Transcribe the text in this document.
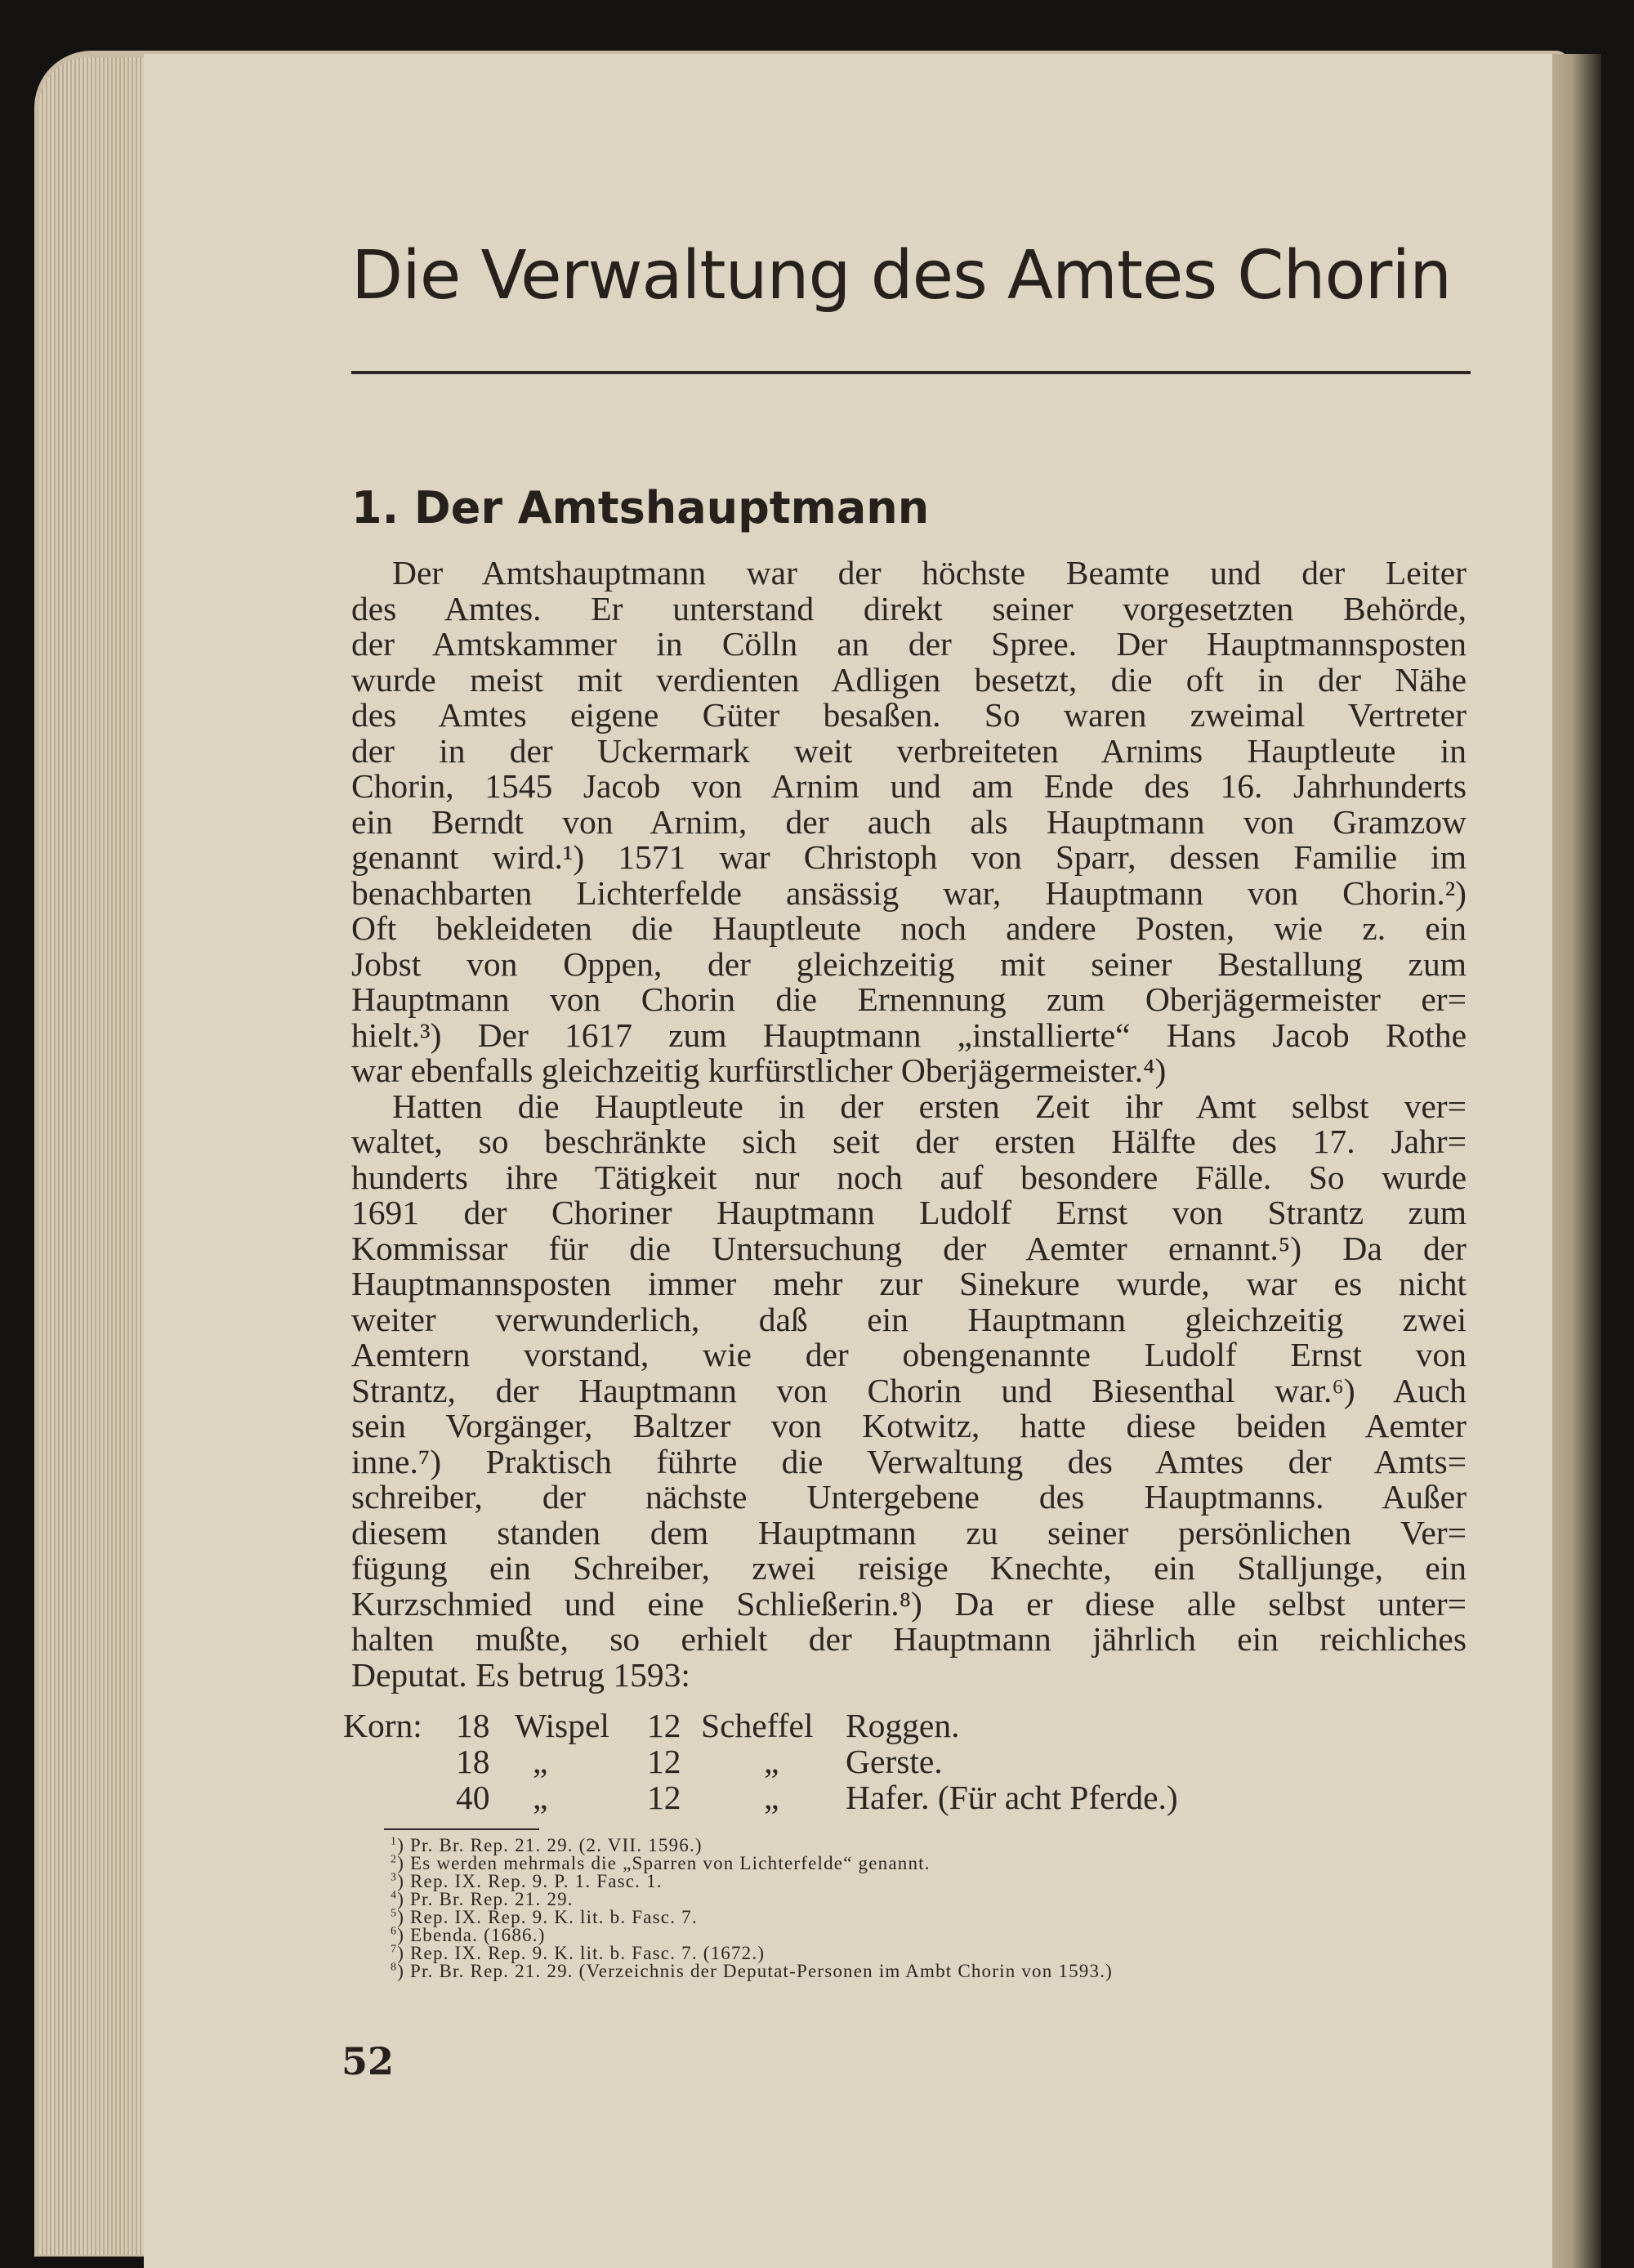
Die Verwaltung des Amtes Chorin
1. Der Amtshauptmann
Der Amtshauptmann war der höchste Beamte und der Leiter
des Amtes. Er unterstand direkt seiner vorgesetzten Behörde,
der Amtskammer in Cölln an der Spree. Der Hauptmannsposten
wurde meist mit verdienten Adligen besetzt, die oft in der Nähe
des Amtes eigene Güter besaßen. So waren zweimal Vertreter
der in der Uckermark weit verbreiteten Arnims Hauptleute in
Chorin, 1545 Jacob von Arnim und am Ende des 16. Jahrhunderts
ein Berndt von Arnim, der auch als Hauptmann von Gramzow
genannt wird.¹) 1571 war Christoph von Sparr, dessen Familie im
benachbarten Lichterfelde ansässig war, Hauptmann von Chorin.²)
Oft bekleideten die Hauptleute noch andere Posten, wie z. ein
Jobst von Oppen, der gleichzeitig mit seiner Bestallung zum
Hauptmann von Chorin die Ernennung zum Oberjägermeister er=
hielt.³) Der 1617 zum Hauptmann „installierte“ Hans Jacob Rothe
war ebenfalls gleichzeitig kurfürstlicher Oberjägermeister.⁴)
Hatten die Hauptleute in der ersten Zeit ihr Amt selbst ver=
waltet, so beschränkte sich seit der ersten Hälfte des 17. Jahr=
hunderts ihre Tätigkeit nur noch auf besondere Fälle. So wurde
1691 der Choriner Hauptmann Ludolf Ernst von Strantz zum
Kommissar für die Untersuchung der Aemter ernannt.⁵) Da der
Hauptmannsposten immer mehr zur Sinekure wurde, war es nicht
weiter verwunderlich, daß ein Hauptmann gleichzeitig zwei
Aemtern vorstand, wie der obengenannte Ludolf Ernst von
Strantz, der Hauptmann von Chorin und Biesenthal war.⁶) Auch
sein Vorgänger, Baltzer von Kotwitz, hatte diese beiden Aemter
inne.⁷) Praktisch führte die Verwaltung des Amtes der Amts=
schreiber, der nächste Untergebene des Hauptmanns. Außer
diesem standen dem Hauptmann zu seiner persönlichen Ver=
fügung ein Schreiber, zwei reisige Knechte, ein Stalljunge, ein
Kurzschmied und eine Schließerin.⁸) Da er diese alle selbst unter=
halten mußte, so erhielt der Hauptmann jährlich ein reichliches
Deputat. Es betrug 1593:
Korn: 18 Wispel 12 Scheffel Roggen.
18 „	12 „ Gerste.
40 „	12 „ Hafer. (Für acht Pferde.)
$^1$) Pr. Br. Rep. 21. 29. (2. VII. 1596.)
$^2$) Es werden mehrmals die „Sparren von Lichterfelde“ genannt.
$^3$) Rep. IX. Rep. 9. P. 1. Fasc. 1.
$^4$) Pr. Br. Rep. 21. 29.
$^5$) Rep. IX. Rep. 9. K. lit. b. Fasc. 7.
$^6$) Ebenda. (1686.)
$^7$) Rep. IX. Rep. 9. K. lit. b. Fasc. 7. (1672.)
$^8$) Pr. Br. Rep. 21. 29. (Verzeichnis der Deputat-Personen im Ambt Chorin von 1593.)
52
